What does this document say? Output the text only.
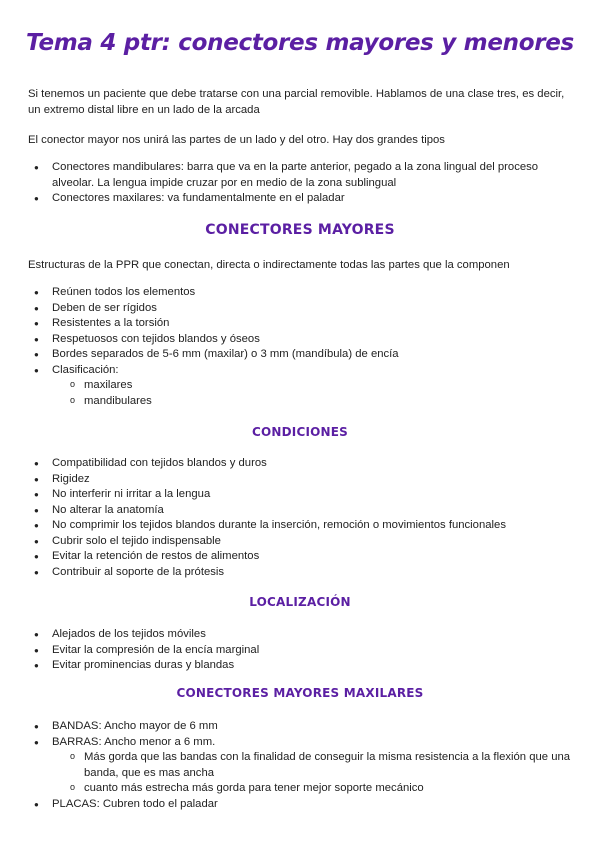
Tema 4 ptr: conectores mayores y menores

Si tenemos un paciente que debe tratarse con una parcial removible. Hablamos de una clase tres, es decir, un extremo distal libre en un lado de la arcada

El conector mayor nos unirá las partes de un lado y del otro. Hay dos grandes tipos

● Conectores mandibulares: barra que va en la parte anterior, pegado a la zona lingual del proceso alveolar. La lengua impide cruzar por en medio de la zona sublingual
● Conectores maxilares: va fundamentalmente en el paladar
CONECTORES MAYORES

Estructuras de la PPR que conectan, directa o indirectamente todas las partes que la componen

● Reúnen todos los elementos
● Deben de ser rígidos
● Resistentes a la torsión
● Respetuosos con tejidos blandos y óseos
● Bordes separados de 5-6 mm (maxilar) o 3 mm (mandíbula) de encía
● Clasificación:
o maxilares
o mandibulares
CONDICIONES
● Compatibilidad con tejidos blandos y duros
● Rigidez
● No interferir ni irritar a la lengua
● No alterar la anatomía
● No comprimir los tejidos blandos durante la inserción, remoción o movimientos funcionales
● Cubrir solo el tejido indispensable
● Evitar la retención de restos de alimentos
● Contribuir al soporte de la prótesis
LOCALIZACIÓN
● Alejados de los tejidos móviles
● Evitar la compresión de la encía marginal
● Evitar prominencias duras y blandas
CONECTORES MAYORES MAXILARES
● BANDAS: Ancho mayor de 6 mm
● BARRAS: Ancho menor a 6 mm.
o Más gorda que las bandas con la finalidad de conseguir la misma resistencia a la flexión que una banda, que es mas ancha
o cuanto más estrecha más gorda para tener mejor soporte mecánico
● PLACAS: Cubren todo el paladar
